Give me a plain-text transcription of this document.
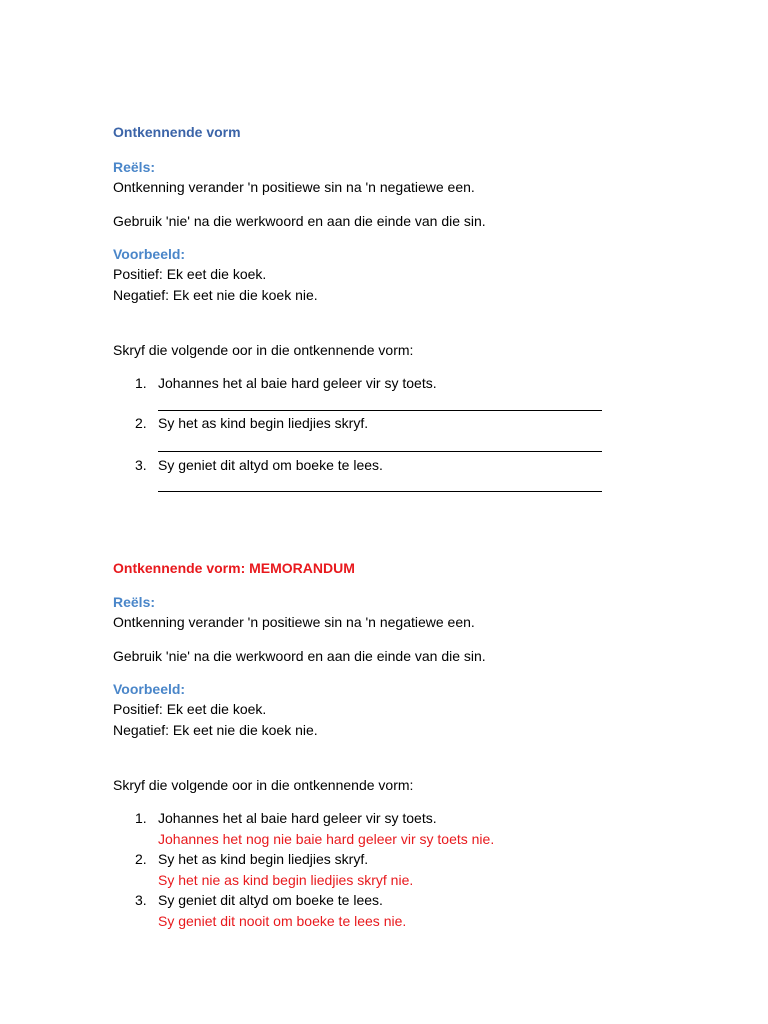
Ontkennende vorm
Reëls:
Ontkenning verander 'n positiewe sin na 'n negatiewe een.
Gebruik 'nie' na die werkwoord en aan die einde van die sin.
Voorbeeld:
Positief: Ek eet die koek.
Negatief: Ek eet nie die koek nie.
Skryf die volgende oor in die ontkennende vorm:
1. Johannes het al baie hard geleer vir sy toets.
2. Sy het as kind begin liedjies skryf.
3. Sy geniet dit altyd om boeke te lees.
Ontkennende vorm: MEMORANDUM
Reëls:
Ontkenning verander 'n positiewe sin na 'n negatiewe een.
Gebruik 'nie' na die werkwoord en aan die einde van die sin.
Voorbeeld:
Positief: Ek eet die koek.
Negatief: Ek eet nie die koek nie.
Skryf die volgende oor in die ontkennende vorm:
1. Johannes het al baie hard geleer vir sy toets.
Johannes het nog nie baie hard geleer vir sy toets nie.
2. Sy het as kind begin liedjies skryf.
Sy het nie as kind begin liedjies skryf nie.
3. Sy geniet dit altyd om boeke te lees.
Sy geniet dit nooit om boeke te lees nie.
